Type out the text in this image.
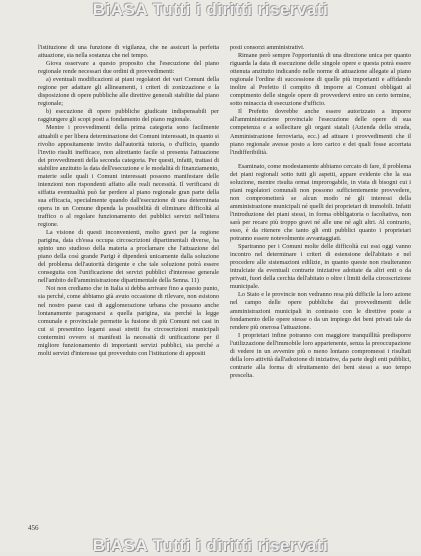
BiASA Tutti i diritti riservati

l'istituzione di una funzione di vigilanza, che ne assicuri la perfetta attuazione, sia nella sostanza che nel tempo.

Giova osservare a questo proposito che l'esecuzione del piano regionale rende necessari due ordini di provvedimenti:

a) eventuali modificazioni ai piani regolatori dei vari Comuni della regione per adattare gli allineamenti, i criteri di zonizzazione e la disposizione di opere pubbliche alle direttive generali stabilite dal piano regionale;

b) esecuzione di opere pubbliche giudicate indispensabili per raggiungere gli scopi posti a fondamento del piano regionale.

Mentre i provvedimenti della prima categoria sono facilmente attuabili e per libera determinazione dei Comuni interessati, in quanto si rivolto appositamente invito dall'autorità tutoria, o d'ufficio, quando l'invito risulti inefficace, non altrettanto facile si presenta l'attuazione dei provvedimenti della seconda categoria. Per questi, infatti, trattasi di stabilire anzitutto la data dell'esecuzione e le modalità di finanziamento, materie sulle quali i Comuni interessati possono manifestare delle intenzioni non rispondenti affatto alle reali necessità. Il verificarsi di siffatta eventualità può far perdere al piano regionale gran parte della sua efficacia, specialmente quando dall'esecuzione di una determinata opera in un Comune dipenda la possibilità di eliminare difficoltà al traffico o al regolare funzionamento dei pubblici servizi nell'intera regione.

La visione di questi inconvenienti, molto gravi per la regione parigina, data ch'essa occupa circoscrizioni dipartimentali diverse, ha spinto uno studioso della materia a proclamare che l'attuazione del piano della così grande Parigi è dipenderà unicamente dalla soluzione del problema dell'autorità dirigente e che tale soluzione potrà essere conseguita con l'unificazione dei servizi pubblici d'interesse generale nell'ambito dell'amministrazione dipartimentale della Senna. 11)

Noi non crediamo che in Italia si debba arrivare fino a questo punto, sia perché, come abbiamo già avuto occasione di rilevare, non esistono nel nostro paese casi di agglomerazione urbana che possano anche lontanamente paragonarsi a quella parigina, sia perché la legge comunale e provinciale permette la fusione di più Comuni nei casi in cui si presentino legami assai stretti fra circoscrizioni municipali contermini ovvero si manifesti la necessità di unificazione per il migliore funzionamento di importanti servizi pubblici, sia perché a molti servizi d'interesse qui provveduto con l'istituzione di appositi

posti consorzi amministrativi.

Rimane però sempre l'opportunità di una direzione unica per quanto riguarda la data di esecuzione delle singole opere e questa potrà essere ottenuta anzitutto indicando nelle norme di attuazione allegate al piano regionale l'ordine di successione di quelle più importanti e affidando inoltre al Prefetto il compito di imporre ai Comuni obbligati al compimento delle singole opere di provvedervi entro un certo termine, sotto minaccia di esecuzione d'ufficio.

Il Prefetto dovrebbe anche essere autorizzato a imporre all'amministrazione provinciale l'esecuzione delle opere di sua competenza e a sollecitare gli organi statali (Azienda della strada, Amministrazione ferroviaria, ecc.) ad attuare i provvedimenti che il piano regionale avesse posto a loro carico e dei quali fosse accertata l'indifferibilità.

Esaminato, come modestamente abbiamo cercato di fare, il problema dei piani regionali sotto tutti gli aspetti, appare evidente che la sua soluzione, mentre risulta ormai improrogabile, in vista di bisogni cui i piani regolatori comunali non possono sufficientemente provvedere, non comprometterà se alcun modo né gli interessi della amministrazione municipali né quelli dei proprietari di immobili. Infatti l'introduzione dei piani stessi, in forma obbligatoria o facoltativa, non sarà per recare più troppo gravi né alle une né agli altri. Al contrario, esso, è da ritenere che tanto gli enti pubblici quanto i proprietari potranno essere notevolmente avvantaggiati.

Spariranno per i Comuni molte delle difficoltà cui essi oggi vanno incontro nel determinare i criteri di estensione dell'abitato e nel procedere alle sistemazioni edilizie, in quanto queste non risulteranno intralciate da eventuali contrarie iniziative adottate da altri enti o da privati, fuori della cerchia dell'abitato o oltre i limiti della circoscrizione municipale.

Lo Stato e le provincie non vedranno resa più difficile la loro azione nel campo delle opere pubbliche dai provvedimenti delle amministrazioni municipali in contrasto con le direttive poste a fondamento delle opere stesse o da un impiego dei beni privati tale da rendere più onerosa l'attuazione.

I proprietari infine potranno con maggiore tranquillità predisporre l'utilizzazione dell'immobile loro appartenente, senza la preoccupazione di vedere in un avvenire più o meno lontano compromessi i risultati della loro attività dall'adozione di iniziative, da parte degli enti pubblici, contrarie alla forma di sfruttamento dei beni stessi a suo tempo prescelta.

456
BiASA Tutti i diritti riservati
